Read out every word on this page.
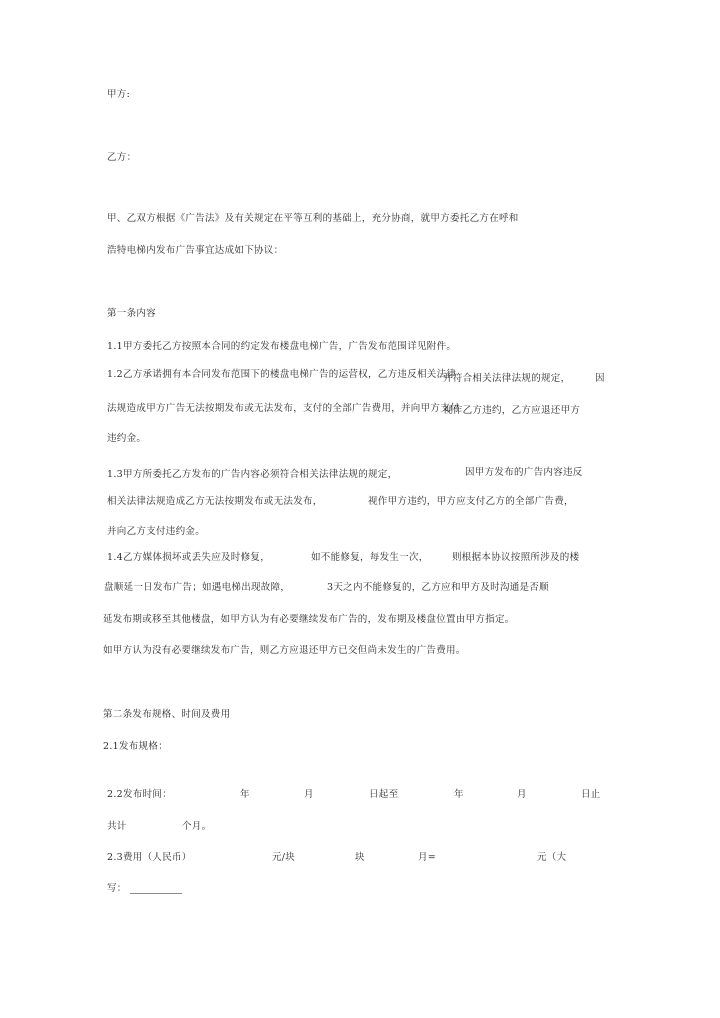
甲方:
乙方：
甲、乙双方根据《广告法》及有关规定在平等互利的基础上，充分协商，就甲方委托乙方在呼和
浩特电梯内发布广告事宜达成如下协议：
第一条内容
1.1甲方委托乙方按照本合同的约定发布楼盘电梯广告，广告发布范围详见附件。
1.2乙方承诺拥有本合同发布范围下的楼盘电梯广告的运营权，乙方违反相关法律
并符合相关法律法规的规定，	因
法规造成甲方广告无法按期发布或无法发布，支付的全部广告费用，并向甲方支付
视作乙方违约，乙方应退还甲方
违约金。
1.3甲方所委托乙方发布的广告内容必须符合相关法律法规的规定，	因甲方发布的广告内容违反
相关法律法规造成乙方无法按期发布或无法发布，	视作甲方违约，甲方应支付乙方的全部广告费，
并向乙方支付违约金。
1.4乙方媒体损坏或丢失应及时修复，	如不能修复，每发生一次， 则根据本协议按照所涉及的楼
盘顺延一日发布广告；如遇电梯出现故障，	3天之内不能修复的，乙方应和甲方及时沟通是否顺
延发布期或移至其他楼盘，如甲方认为有必要继续发布广告的，发布期及楼盘位置由甲方指定。
如甲方认为没有必要继续发布广告，则乙方应退还甲方已交但尚未发生的广告费用。
第二条发布规格、时间及费用
2.1发布规格：
2.2发布时间：	年	月	日起至	年	月	日止
共计	个月。
2.3费用（人民币）	元/块	块	月=	元（大
写：
